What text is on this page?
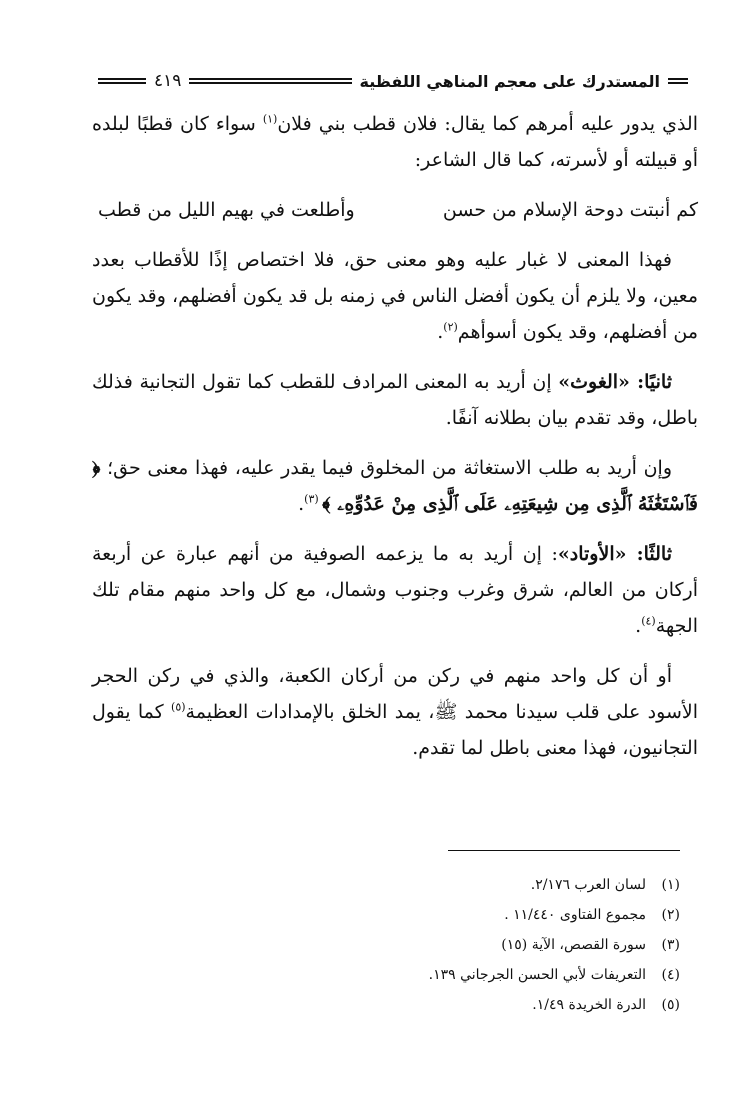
المستدرك على معجم المناهي اللفظية
٤١٩

الذي يدور عليه أمرهم كما يقال: فلان قطب بني فلان$^{(١)}$ سواء كان قطبًا لبلده أو قبيلته أو لأسرته، كما قال الشاعر:

كم أنبتت دوحة الإسلام من حسن
وأطلعت في بهيم الليل من قطب

فهذا المعنى لا غبار عليه وهو معنى حق، فلا اختصاص إذًا للأقطاب بعدد معين، ولا يلزم أن يكون أفضل الناس في زمنه بل قد يكون أفضلهم، وقد يكون من أفضلهم، وقد يكون أسوأهم$^{(٢)}$.

ثانيًا: «الغوث» إن أريد به المعنى المرادف للقطب كما تقول التجانية فذلك باطل، وقد تقدم بيان بطلانه آنفًا.

وإن أريد به طلب الاستغاثة من المخلوق فيما يقدر عليه، فهذا معنى حق؛ ﴿ فَٱسْتَغَٰثَهُ ٱلَّذِى مِن شِيعَتِهِۦ عَلَى ٱلَّذِى مِنْ عَدُوِّهِۦ ﴾ $^{(٣)}$.

ثالثًا: «الأوتاد»: إن أريد به ما يزعمه الصوفية من أنهم عبارة عن أربعة أركان من العالم، شرق وغرب وجنوب وشمال، مع كل واحد منهم مقام تلك الجهة$^{(٤)}$.

أو أن كل واحد منهم في ركن من أركان الكعبة، والذي في ركن الحجر الأسود على قلب سيدنا محمد ﷺ، يمد الخلق بالإمدادات العظيمة$^{(٥)}$ كما يقول التجانيون، فهذا معنى باطل لما تقدم.

(١)
لسان العرب ٢/١٧٦.
(٢)
مجموع الفتاوى ١١/٤٤٠ .
(٣)
سورة القصص، الآية (١٥)
(٤)
التعريفات لأبي الحسن الجرجاني ١٣٩.
(٥)
الدرة الخريدة ١/٤٩.
